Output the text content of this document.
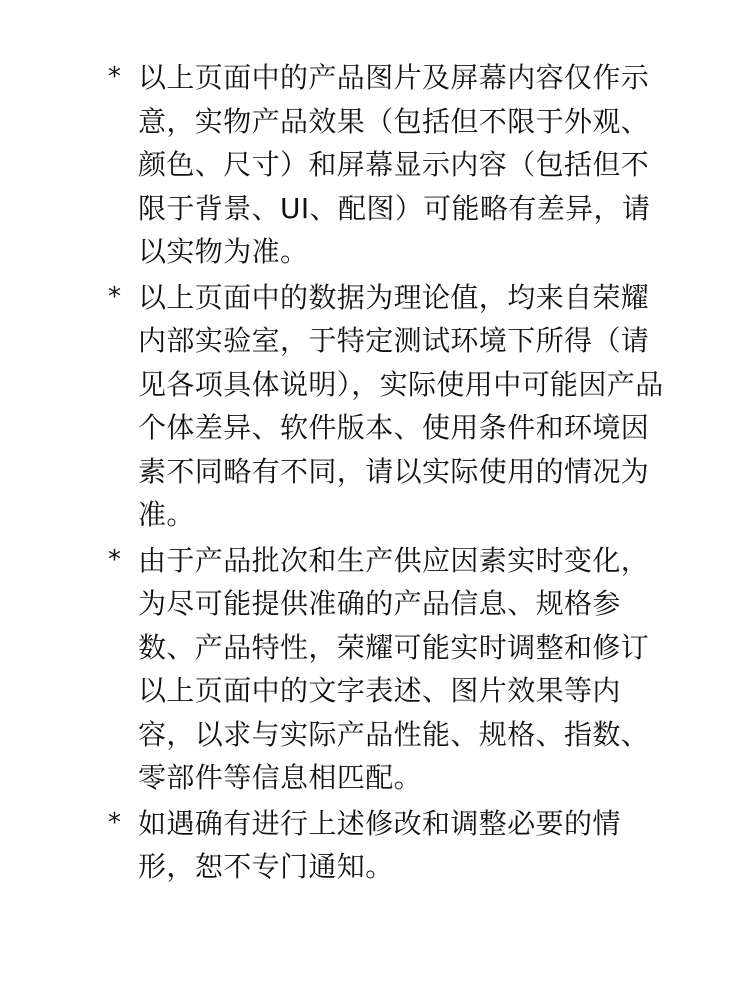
* 以上页面中的产品图片及屏幕内容仅作示意，实物产品效果（包括但不限于外观、颜色、尺寸）和屏幕显示内容（包括但不限于背景、UI、配图）可能略有差异，请以实物为准。
* 以上页面中的数据为理论值，均来自荣耀内部实验室，于特定测试环境下所得（请见各项具体说明），实际使用中可能因产品个体差异、软件版本、使用条件和环境因素不同略有不同，请以实际使用的情况为准。
* 由于产品批次和生产供应因素实时变化，为尽可能提供准确的产品信息、规格参数、产品特性，荣耀可能实时调整和修订以上页面中的文字表述、图片效果等内容，以求与实际产品性能、规格、指数、零部件等信息相匹配。
* 如遇确有进行上述修改和调整必要的情形，恕不专门通知。
